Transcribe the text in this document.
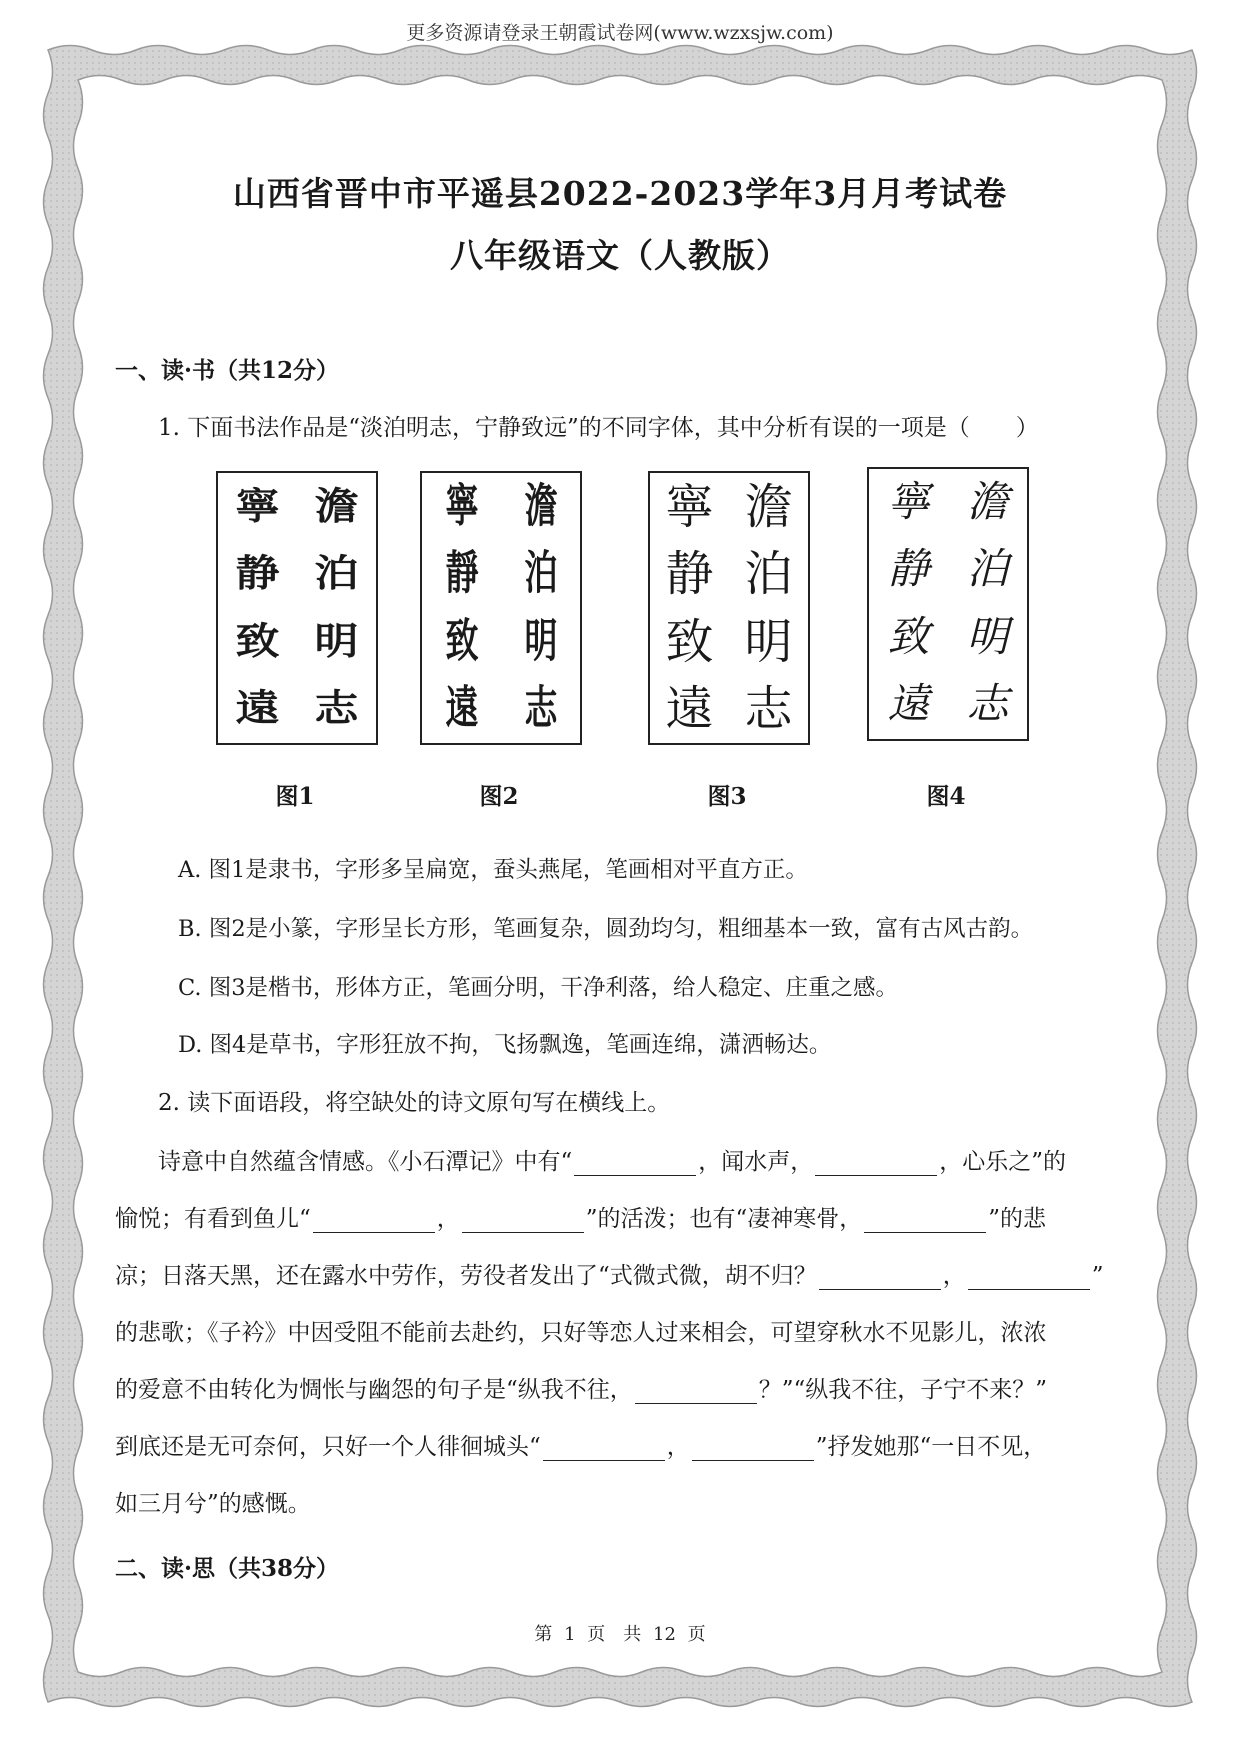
更多资源请登录王朝霞试卷网(www.wzxsjw.com)
山西省晋中市平遥县2022-2023学年3月月考试卷
八年级语文（人教版）
一、读·书（共12分）
1. 下面书法作品是“淡泊明志，宁静致远”的不同字体，其中分析有误的一项是（　　）
澹
泊
明
志
寧
静
致
遠
图1
澹
泊
明
志
寧
靜
致
遠
图2
澹
泊
明
志
寧
静
致
遠
图3
澹
泊
明
志
寧
静
致
遠
图4
A. 图1是隶书，字形多呈扁宽，蚕头燕尾，笔画相对平直方正。
B. 图2是小篆，字形呈长方形，笔画复杂，圆劲均匀，粗细基本一致，富有古风古韵。
C. 图3是楷书，形体方正，笔画分明，干净利落，给人稳定、庄重之感。
D. 图4是草书，字形狂放不拘，飞扬飘逸，笔画连绵，潇洒畅达。
2. 读下面语段，将空缺处的诗文原句写在横线上。
诗意中自然蕴含情感。《小石潭记》中有“	，闻水声，	，心乐之”的
愉悦；有看到鱼儿“	，	”的活泼；也有“凄神寒骨，	”的悲
凉；日落天黑，还在露水中劳作，劳役者发出了“式微式微，胡不归？	，	”
的悲歌；《子衿》中因受阻不能前去赴约，只好等恋人过来相会，可望穿秋水不见影儿，浓浓
的爱意不由转化为惆怅与幽怨的句子是“纵我不往，	？”“纵我不往，子宁不来？”
到底还是无可奈何，只好一个人徘徊城头“	，	”抒发她那“一日不见，
如三月兮”的感慨。
二、读·思（共38分）
第 1 页　共 12 页
